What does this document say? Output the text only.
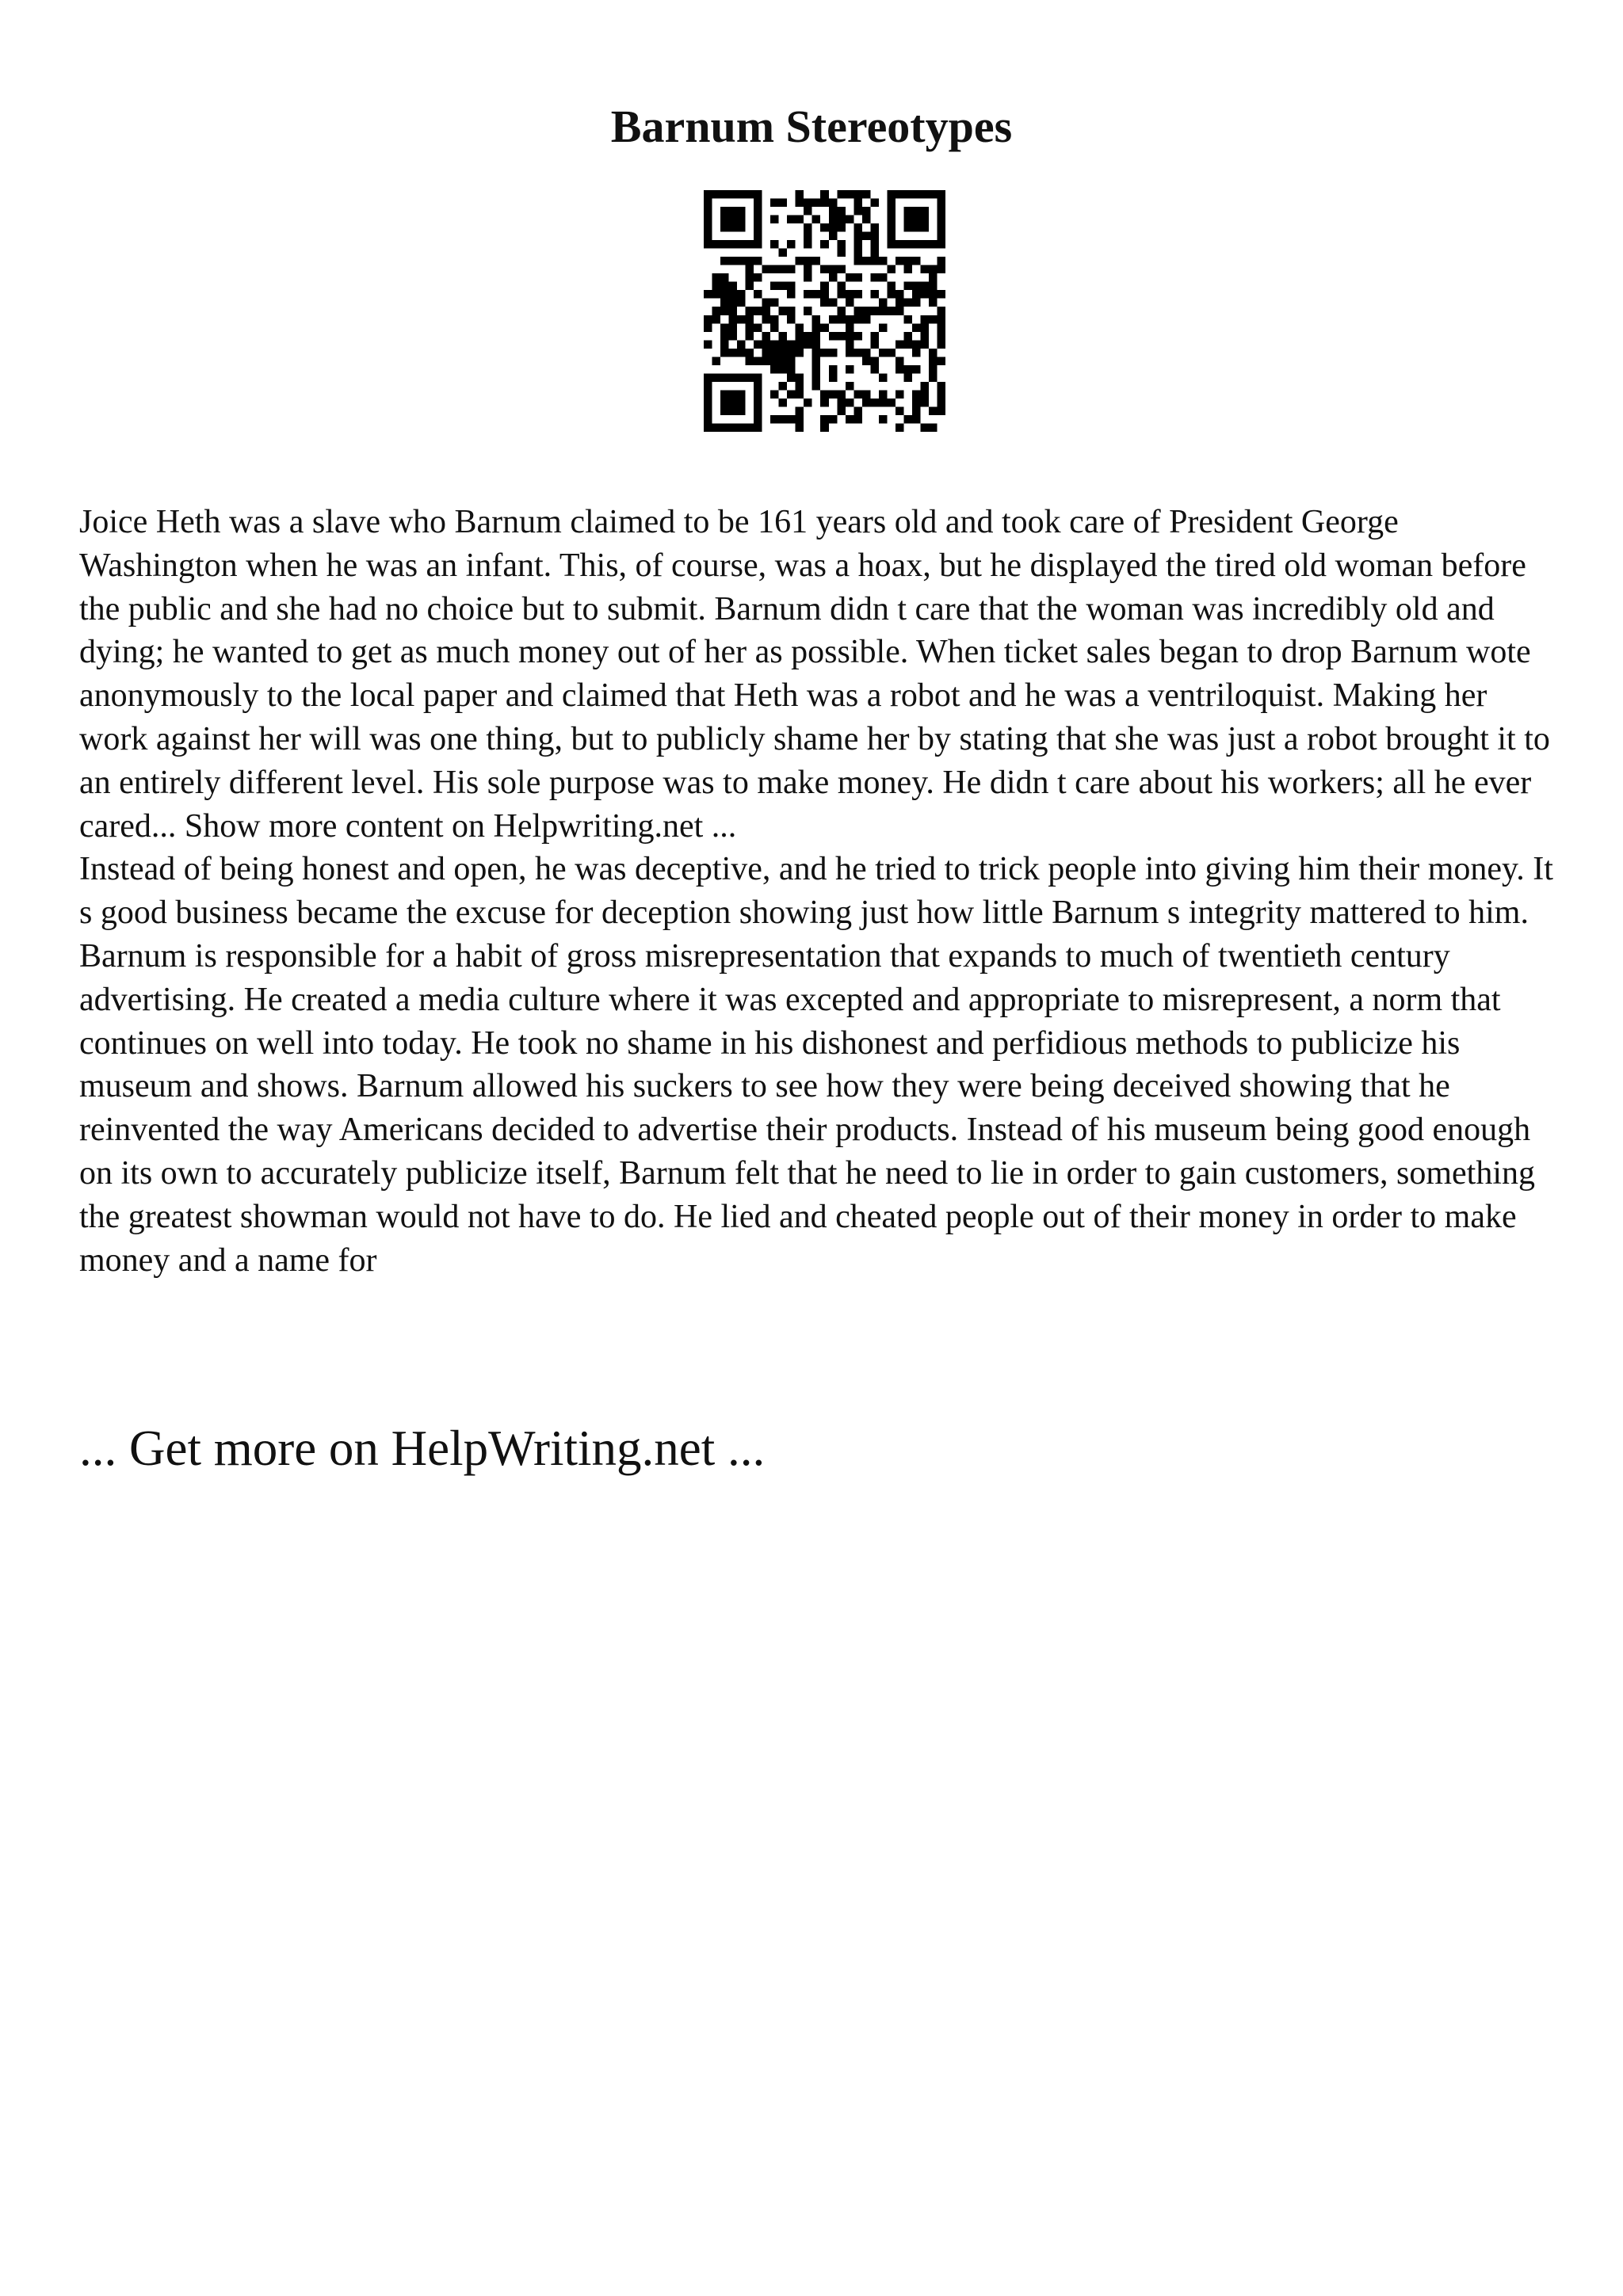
Barnum Stereotypes

Joice Heth was a slave who Barnum claimed to be 161 years old and took care of President George Washington when he was an infant. This, of course, was a hoax, but he displayed the tired old woman before the public and she had no choice but to submit. Barnum didn t care that the woman was incredibly old and dying; he wanted to get as much money out of her as possible. When ticket sales began to drop Barnum wote anonymously to the local paper and claimed that Heth was a robot and he was a ventriloquist. Making her work against her will was one thing, but to publicly shame her by stating that she was just a robot brought it to an entirely different level. His sole purpose was to make money. He didn t care about his workers; all he ever cared... Show more content on Helpwriting.net ...

Instead of being honest and open, he was deceptive, and he tried to trick people into giving him their money. It s good business became the excuse for deception showing just how little Barnum s integrity mattered to him. Barnum is responsible for a habit of gross misrepresentation that expands to much of twentieth century advertising. He created a media culture where it was excepted and appropriate to misrepresent, a norm that continues on well into today. He took no shame in his dishonest and perfidious methods to publicize his museum and shows. Barnum allowed his suckers to see how they were being deceived showing that he reinvented the way Americans decided to advertise their products. Instead of his museum being good enough on its own to accurately publicize itself, Barnum felt that he need to lie in order to gain customers, something the greatest showman would not have to do. He lied and cheated people out of their money in order to make money and a name for

... Get more on HelpWriting.net ...
